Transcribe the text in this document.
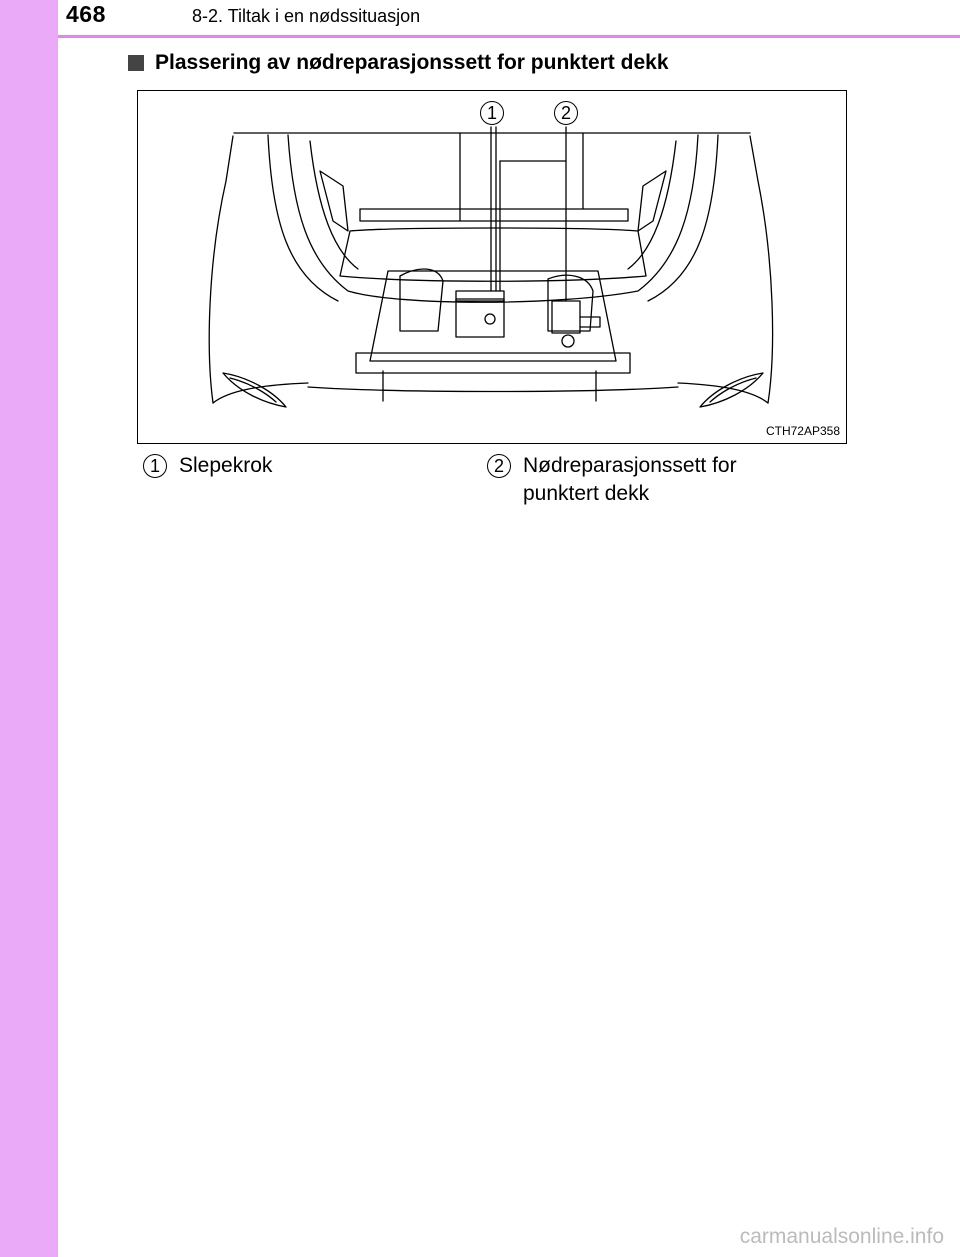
468	8-2. Tiltak i en nødssituasjon
Plassering av nødreparasjonssett for punktert dekk
1	2
CTH72AP358
1 Slepekrok	2 Nødreparasjonssett for punktert dekk
carmanualsonline.info
